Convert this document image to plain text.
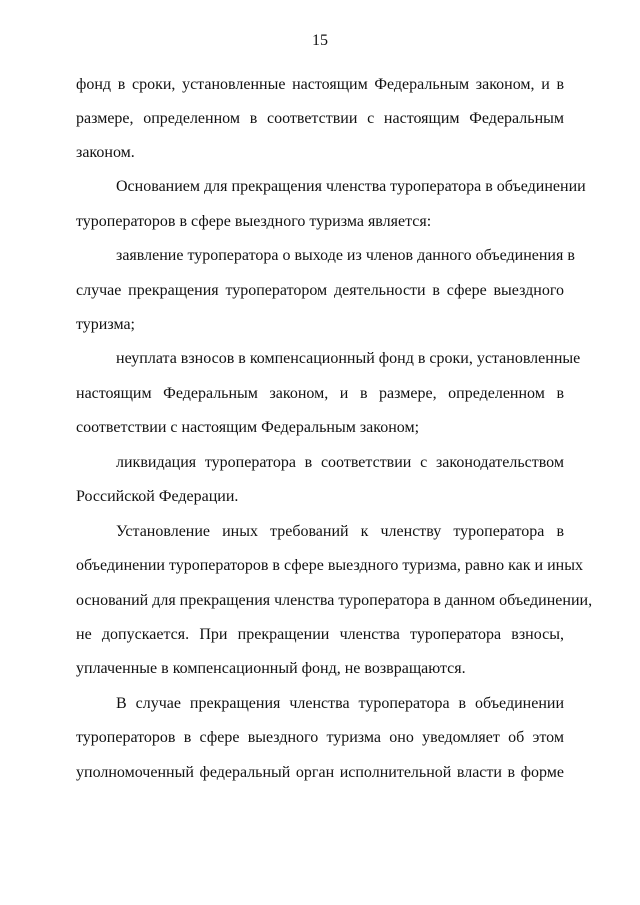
15
фонд в сроки, установленные настоящим Федеральным законом, и в
размере, определенном в соответствии с настоящим Федеральным
законом.
Основанием для прекращения членства туроператора в объединении
туроператоров в сфере выездного туризма является:
заявление туроператора о выходе из членов данного объединения в
случае прекращения туроператором деятельности в сфере выездного
туризма;
неуплата взносов в компенсационный фонд в сроки, установленные
настоящим Федеральным законом, и в размере, определенном в
соответствии с настоящим Федеральным законом;
ликвидация туроператора в соответствии с законодательством
Российской Федерации.
Установление иных требований к членству туроператора в
объединении туроператоров в сфере выездного туризма, равно как и иных
оснований для прекращения членства туроператора в данном объединении,
не допускается. При прекращении членства туроператора взносы,
уплаченные в компенсационный фонд, не возвращаются.
В случае прекращения членства туроператора в объединении
туроператоров в сфере выездного туризма оно уведомляет об этом
уполномоченный федеральный орган исполнительной власти в форме
